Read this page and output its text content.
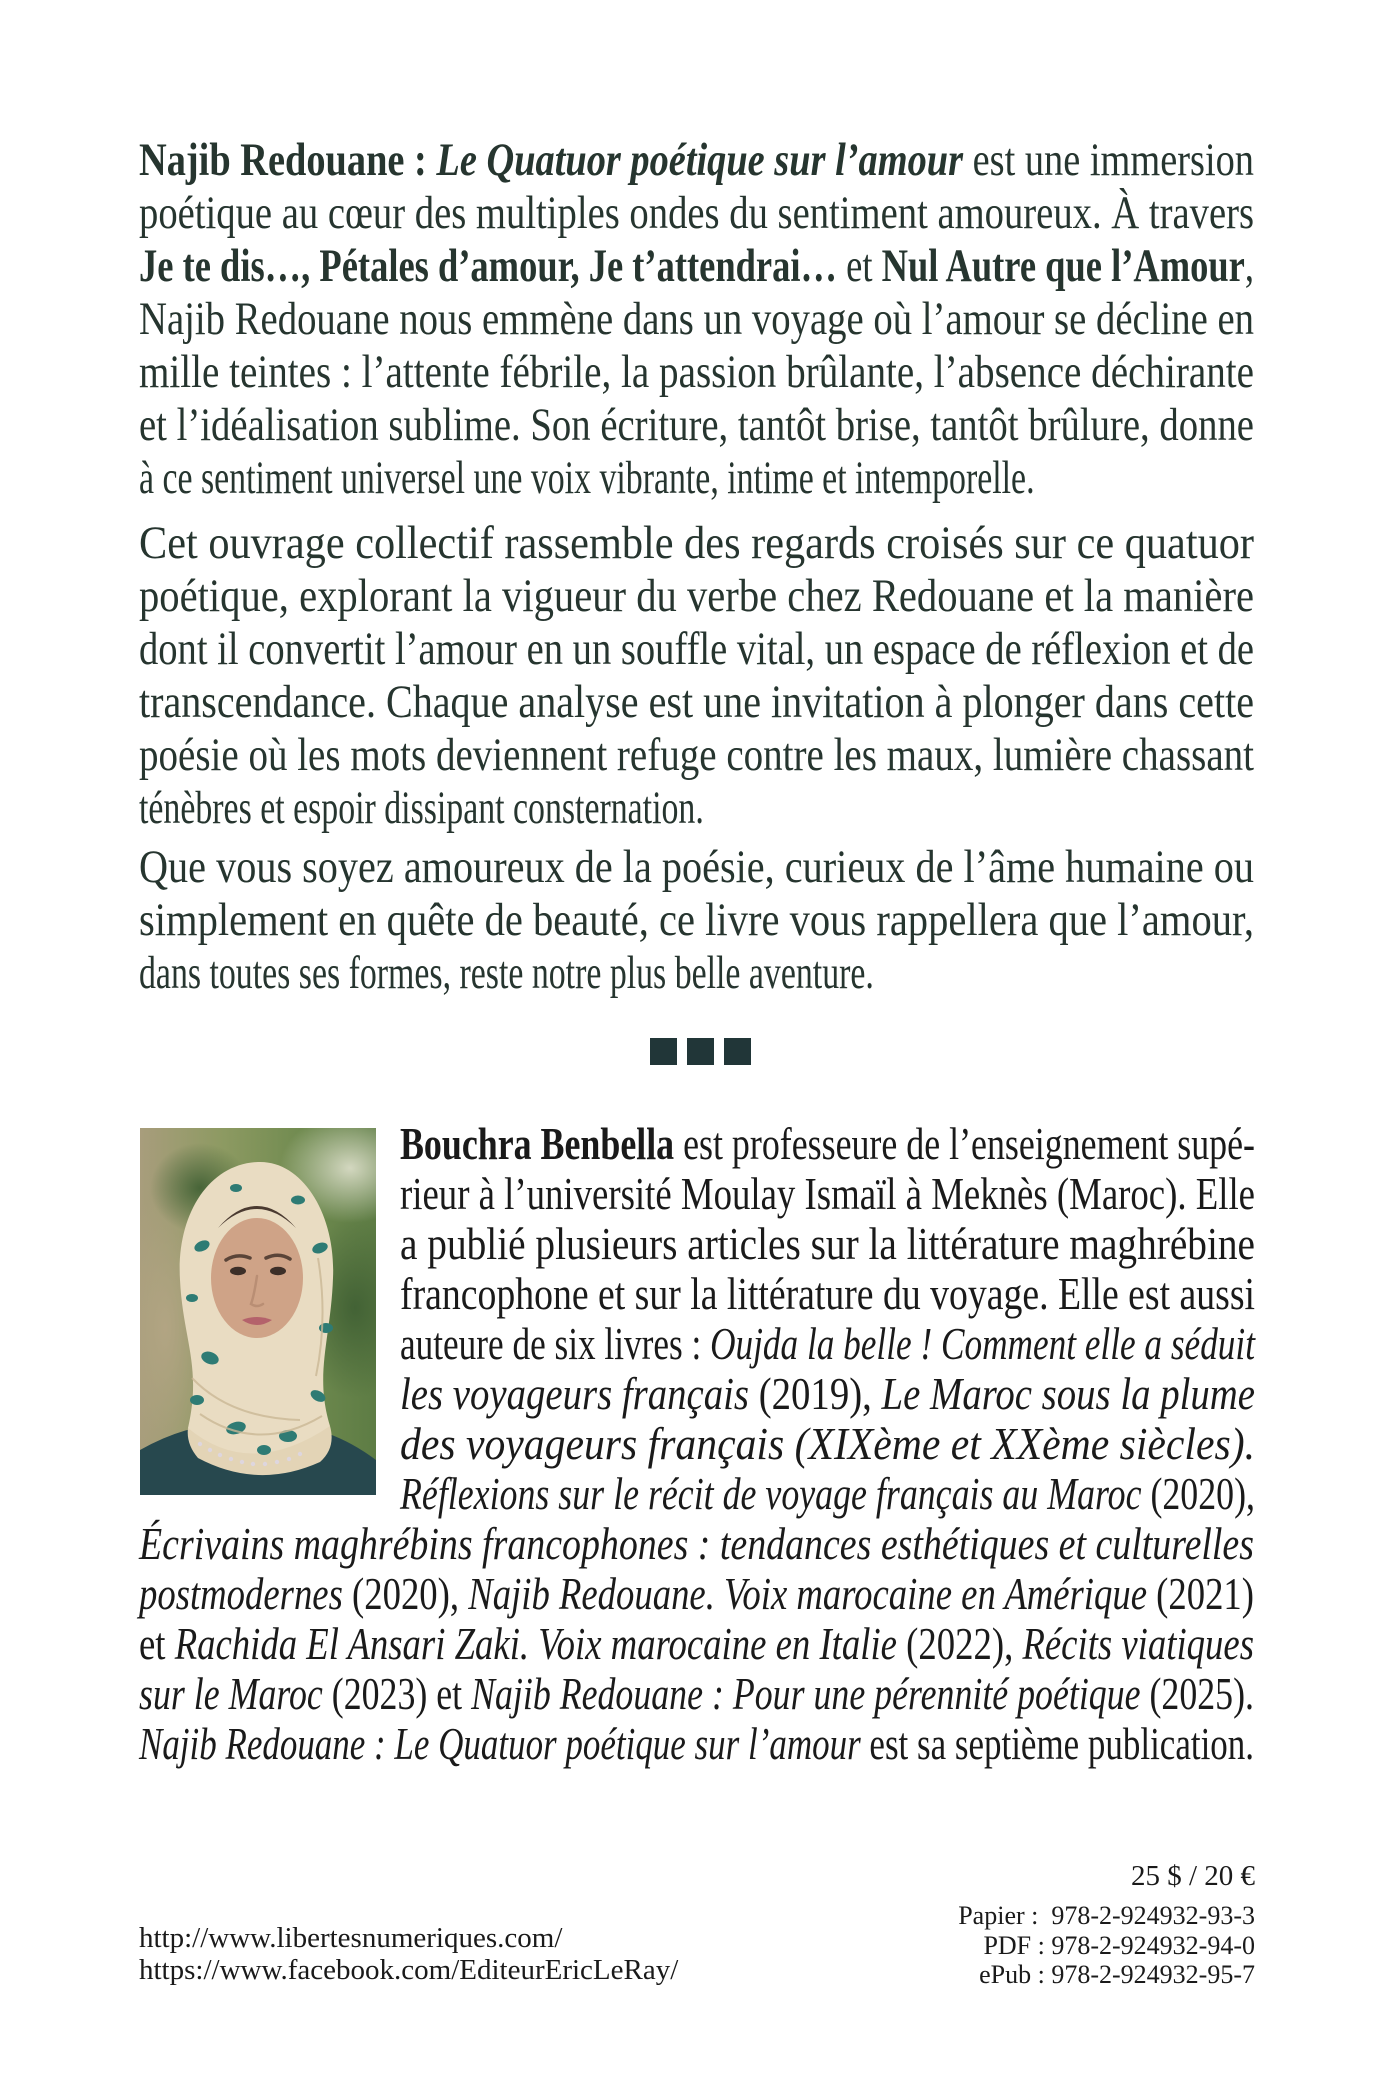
Najib Redouane : Le Quatuor poétique sur l’amour est une immersion
poétique au cœur des multiples ondes du sentiment amoureux. À travers
Je te dis…, Pétales d’amour, Je t’attendrai… et Nul Autre que l’Amour,
Najib Redouane nous emmène dans un voyage où l’amour se décline en
mille teintes : l’attente fébrile, la passion brûlante, l’absence déchirante
et l’idéalisation sublime. Son écriture, tantôt brise, tantôt brûlure, donne
à ce sentiment universel une voix vibrante, intime et intemporelle.
Cet ouvrage collectif rassemble des regards croisés sur ce quatuor
poétique, explorant la vigueur du verbe chez Redouane et la manière
dont il convertit l’amour en un souffle vital, un espace de réflexion et de
transcendance. Chaque analyse est une invitation à plonger dans cette
poésie où les mots deviennent refuge contre les maux, lumière chassant
ténèbres et espoir dissipant consternation.
Que vous soyez amoureux de la poésie, curieux de l’âme humaine ou
simplement en quête de beauté, ce livre vous rappellera que l’amour,
dans toutes ses formes, reste notre plus belle aventure.
Bouchra Benbella est professeure de l’enseignement supé-
rieur à l’université Moulay Ismaïl à Meknès (Maroc). Elle
a publié plusieurs articles sur la littérature maghrébine
francophone et sur la littérature du voyage. Elle est aussi
auteure de six livres : Oujda la belle ! Comment elle a séduit
les voyageurs français (2019), Le Maroc sous la plume
des voyageurs français (XIXème et XXème siècles).
Réflexions sur le récit de voyage français au Maroc (2020),
Écrivains maghrébins francophones : tendances esthétiques et culturelles
postmodernes (2020), Najib Redouane. Voix marocaine en Amérique (2021)
et Rachida El Ansari Zaki. Voix marocaine en Italie (2022), Récits viatiques
sur le Maroc (2023) et Najib Redouane : Pour une pérennité poétique (2025).
Najib Redouane : Le Quatuor poétique sur l’amour est sa septième publication.
25 $ / 20 €
Papier :  978-2-924932-93-3
PDF : 978-2-924932-94-0
ePub : 978-2-924932-95-7
http://www.libertesnumeriques.com/
https://www.facebook.com/EditeurEricLeRay/
